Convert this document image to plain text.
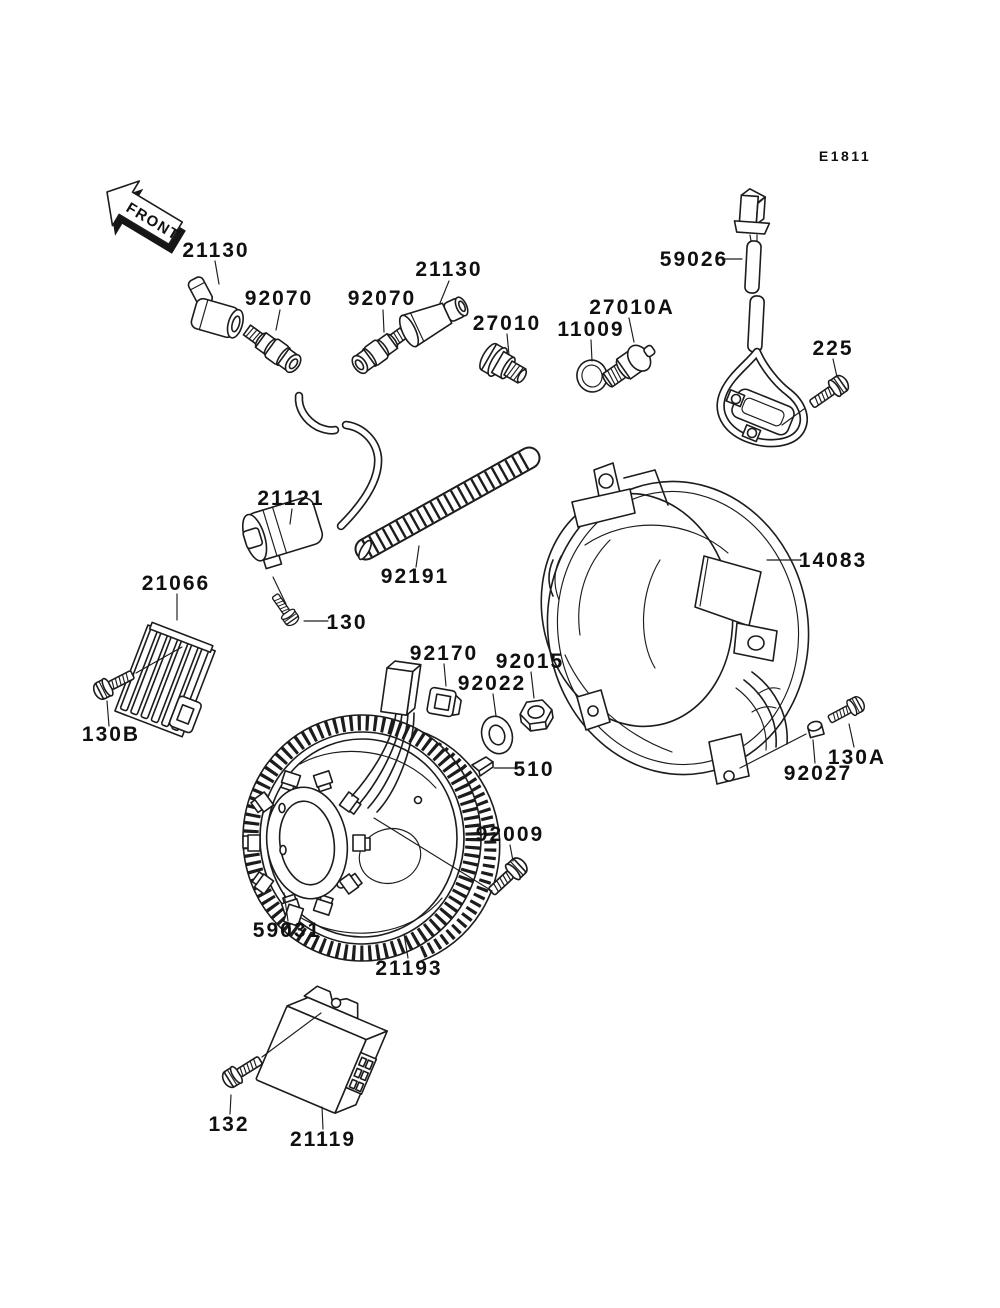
21130
92070 92070
21130
27010 11009
27010A
59026
225
21121
92191
14083
21066
130
130B
92170
92022
92015
510	92027
130A
92009
59031
21193
132
21119
FRONT
E1811
